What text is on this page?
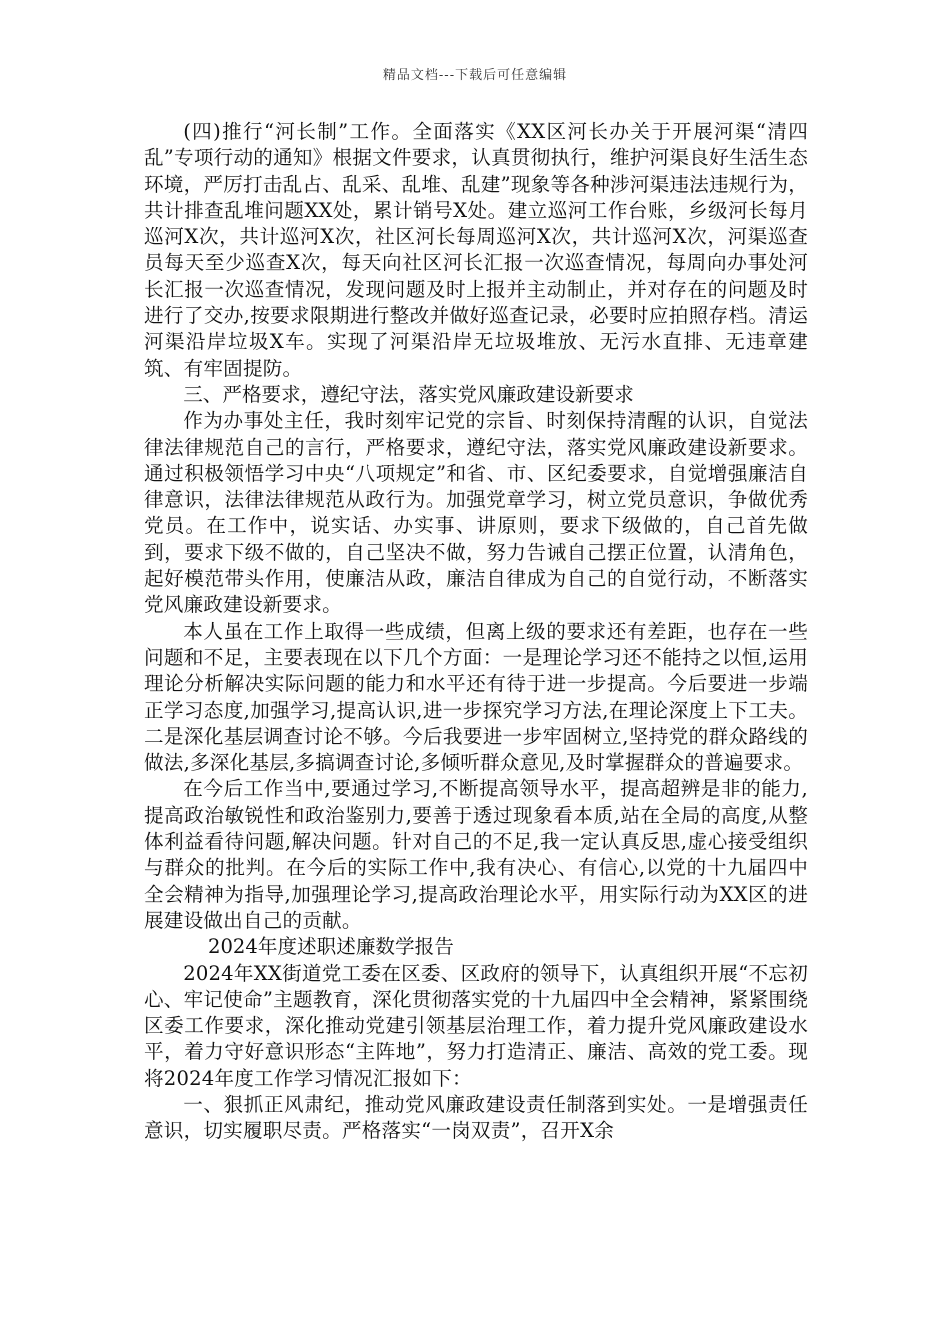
精品文档---下载后可任意编辑

(四)推行“河长制”工作。全面落实《XX区河长办关于开展河渠“清四乱”专项行动的通知》根据文件要求，认真贯彻执行，维护河渠良好生活生态环境，严厉打击乱占、乱采、乱堆、乱建”现象等各种涉河渠违法违规行为，共计排查乱堆问题XX处，累计销号X处。建立巡河工作台账，乡级河长每月巡河X次，共计巡河X次，社区河长每周巡河X次，共计巡河X次，河渠巡查员每天至少巡查X次，每天向社区河长汇报一次巡查情况，每周向办事处河长汇报一次巡查情况，发现问题及时上报并主动制止，并对存在的问题及时进行了交办,按要求限期进行整改并做好巡查记录，必要时应拍照存档。清运河渠沿岸垃圾X车。实现了河渠沿岸无垃圾堆放、无污水直排、无违章建筑、有牢固提防。

三、严格要求，遵纪守法，落实党风廉政建设新要求

作为办事处主任，我时刻牢记党的宗旨、时刻保持清醒的认识，自觉法律法律规范自己的言行，严格要求，遵纪守法，落实党风廉政建设新要求。通过积极领悟学习中央“八项规定”和省、市、区纪委要求，自觉增强廉洁自律意识，法律法律规范从政行为。加强党章学习，树立党员意识，争做优秀党员。在工作中，说实话、办实事、讲原则，要求下级做的，自己首先做到，要求下级不做的，自己坚决不做，努力告诫自己摆正位置，认清角色，起好模范带头作用，使廉洁从政，廉洁自律成为自己的自觉行动，不断落实党风廉政建设新要求。

本人虽在工作上取得一些成绩，但离上级的要求还有差距，也存在一些问题和不足，主要表现在以下几个方面：一是理论学习还不能持之以恒,运用理论分析解决实际问题的能力和水平还有待于进一步提高。今后要进一步端正学习态度,加强学习,提高认识,进一步探究学习方法,在理论深度上下工夫。二是深化基层调查讨论不够。今后我要进一步牢固树立,坚持党的群众路线的做法,多深化基层,多搞调查讨论,多倾听群众意见,及时掌握群众的普遍要求。

在今后工作当中,要通过学习,不断提高领导水平，提高超辨是非的能力,提高政治敏锐性和政治鉴别力,要善于透过现象看本质,站在全局的高度,从整体利益看待问题,解决问题。针对自己的不足,我一定认真反思,虚心接受组织与群众的批判。在今后的实际工作中,我有决心、有信心,以党的十九届四中全会精神为指导,加强理论学习,提高政治理论水平，用实际行动为XX区的进展建设做出自己的贡献。

2024年度述职述廉数学报告

2024年XX街道党工委在区委、区政府的领导下，认真组织开展“不忘初心、牢记使命”主题教育，深化贯彻落实党的十九届四中全会精神，紧紧围绕区委工作要求，深化推动党建引领基层治理工作，着力提升党风廉政建设水平，着力守好意识形态“主阵地”，努力打造清正、廉洁、高效的党工委。现将2024年度工作学习情况汇报如下：

一、狠抓正风肃纪，推动党风廉政建设责任制落到实处。一是增强责任意识，切实履职尽责。严格落实“一岗双责”，召开X余
